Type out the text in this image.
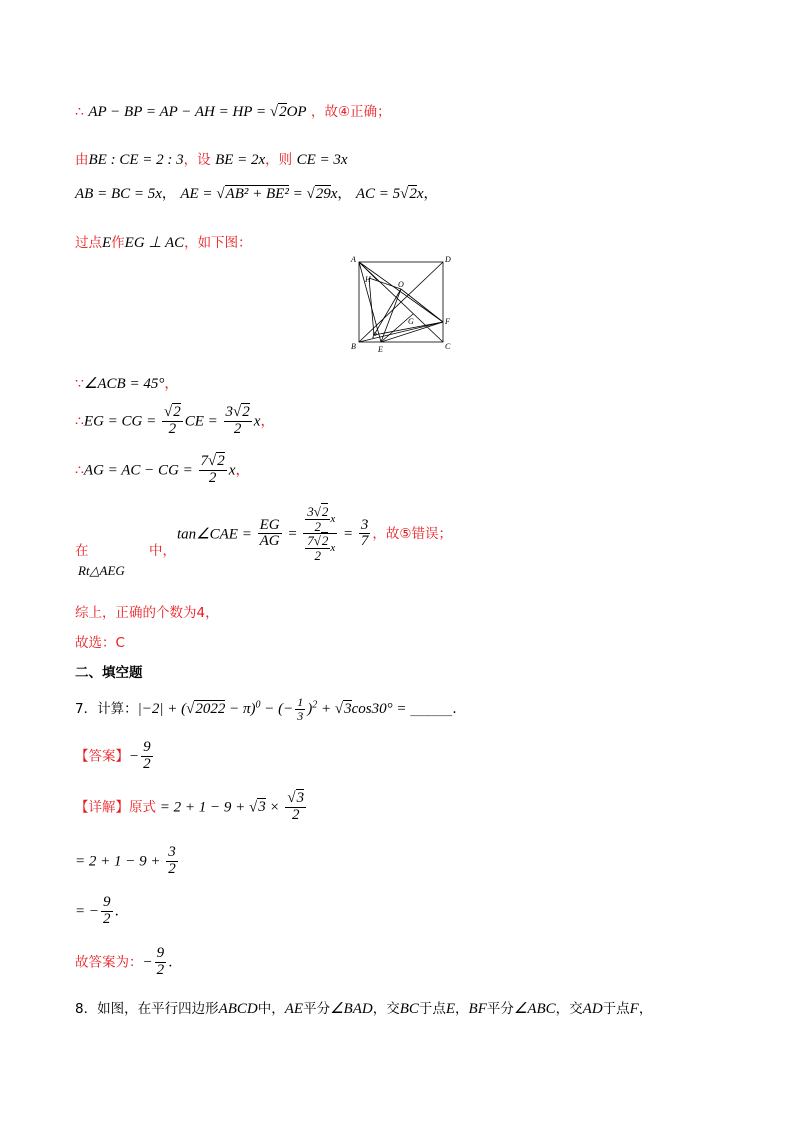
∴ AP − BP = AP − AH = HP = √2OP ，故④正确；
由BE : CE = 2 : 3，设 BE = 2x，则 CE = 3x
AB = BC = 5x， AE = √AB² + BE² = √29x， AC = 5√2x，
过点E作EG ⊥ AC，如下图：
A	D
H
O
F
G
P
B	E	C
∵∠ACB = 45°，
∴EG = CG = $\frac{√2}{2}$ CE = $\frac{3√2}{2}$ x，
∴AG = AC − CG = $\frac{7√2}{2}$ x，
在	中，
Rt△AEG
tan∠CAE = $\frac{EG}{AG} = \frac{\frac{3√2}{2} x}{\frac{7√2}{2} x} = \frac{3}{7}$ ，故⑤错误；
综上，正确的个数为4，
故选：C
二、填空题
7．计算：$|-2| + (√2022 - \pi)^0$ − (− $\frac{1}{3} )^2 + √3\cos 30^\circ$ = ______.
【答案】− $\frac{9}{2}$
【详解】原式 = $2 + 1 - 9 + √3 \times \frac{√3}{2}$
= $2 + 1 - 9 + \frac{3}{2}$
= − $\frac{9}{2}$ .
故答案为：− $\frac{9}{2}$ .
8．如图，在平行四边形ABCD中，AE平分∠BAD，交BC于点E，BF平分∠ABC，交AD于点F，
